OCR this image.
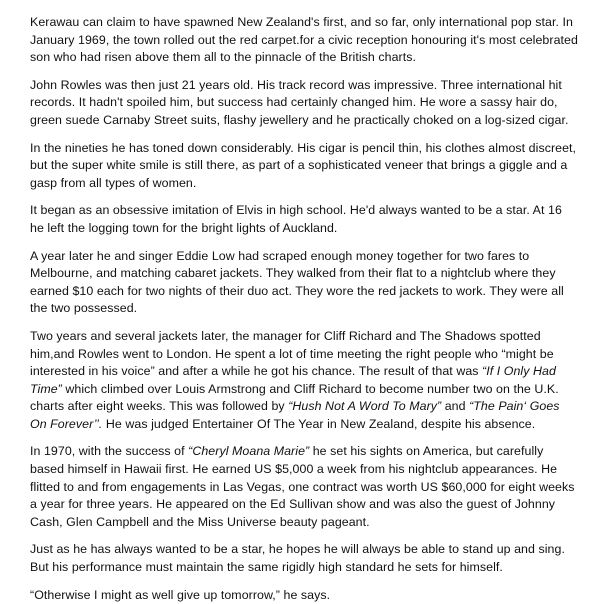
Kerawau can claim to have spawned New Zealand's first, and so far, only international pop star. In January 1969, the town rolled out the red carpet.for a civic reception honouring it's most celebrated son who had risen above them all to the pinnacle of the British charts.

John Rowles was then just 21 years old. His track record was impressive. Three international hit records. It hadn't spoiled him, but success had certainly changed him. He wore a sassy hair do, green suede Carnaby Street suits, flashy jewellery and he practically choked on a log-sized cigar.

In the nineties he has toned down considerably. His cigar is pencil thin, his clothes almost discreet, but the super white smile is still there, as part of a sophisticated veneer that brings a giggle and a gasp from all types of women.

It began as an obsessive imitation of Elvis in high school. He'd always wanted to be a star. At 16 he left the logging town for the bright lights of Auckland.

A year later he and singer Eddie Low had scraped enough money together for two fares to Melbourne, and matching cabaret jackets. They walked from their flat to a nightclub where they earned $10 each for two nights of their duo act. They wore the red jackets to work. They were all the two possessed.

Two years and several jackets later, the manager for Cliff Richard and The Shadows spotted him,and Rowles went to London. He spent a lot of time meeting the right people who “might be interested in his voice” and after a while he got his chance. The result of that was “If I Only Had Time” which climbed over Louis Armstrong and Cliff Richard to become number two on the U.K. charts after eight weeks. This was followed by “Hush Not A Word To Mary” and “The Pain‘ Goes On Forever’’. He was judged Entertainer Of The Year in New Zealand, despite his absence.

In 1970, with the success of “Cheryl Moana Marie” he set his sights on America, but carefully based himself in Hawaii first. He earned US $5,000 a week from his nightclub appearances. He flitted to and from engagements in Las Vegas, one contract was worth US $60,000 for eight weeks a year for three years. He appeared on the Ed Sullivan show and was also the guest of Johnny Cash, Glen Campbell and the Miss Universe beauty pageant.

Just as he has always wanted to be a star, he hopes he will always be able to stand up and sing. But his performance must maintain the same rigidly high standard he sets for himself.

“Otherwise I might as well give up tomorrow,” he says.
